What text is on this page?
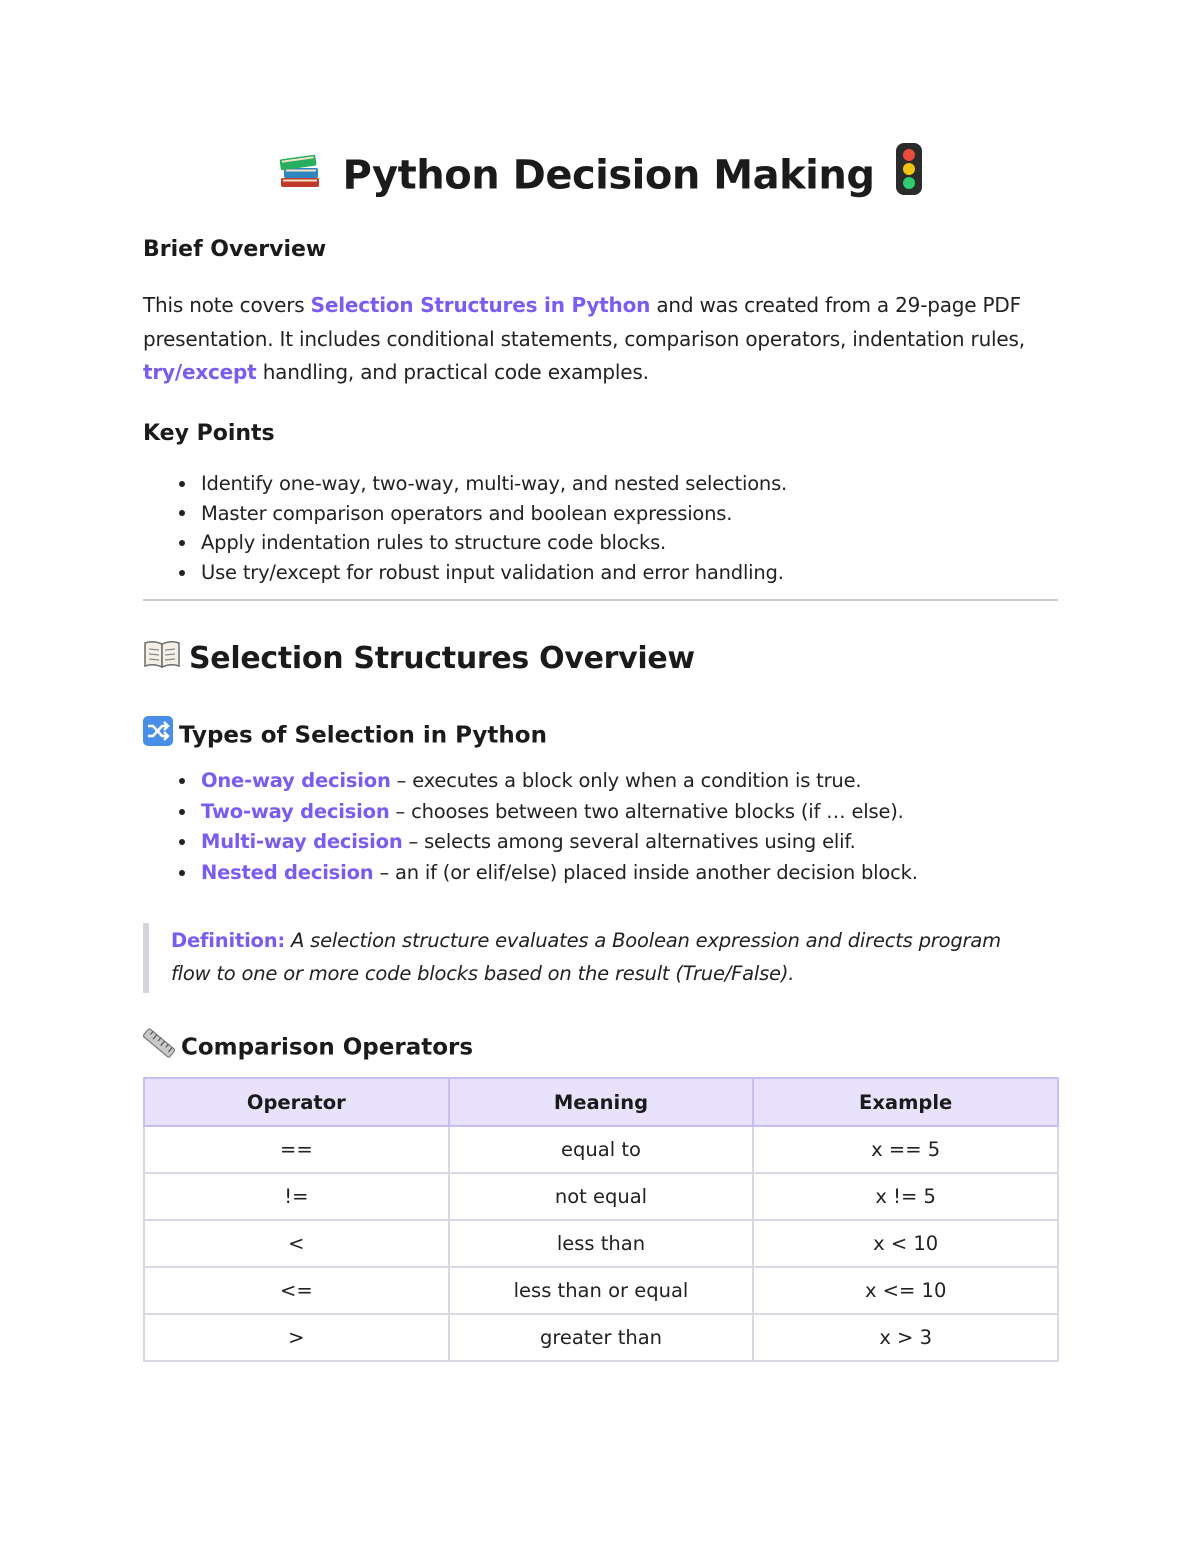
Python Decision Making
Brief Overview
This note covers Selection Structures in Python and was created from a 29-page PDF
presentation. It includes conditional statements, comparison operators, indentation rules,
try/except handling, and practical code examples.
Key Points
Identify one-way, two-way, multi-way, and nested selections.
Master comparison operators and boolean expressions.
Apply indentation rules to structure code blocks.
Use try/except for robust input validation and error handling.
Selection Structures Overview
Types of Selection in Python
One-way decision – executes a block only when a condition is true.
Two-way decision – chooses between two alternative blocks (if … else).
Multi-way decision – selects among several alternatives using elif.
Nested decision – an if (or elif/else) placed inside another decision block.
Definition: A selection structure evaluates a Boolean expression and directs program
flow to one or more code blocks based on the result (True/False).
Comparison Operators
Operator	Meaning	Example
==	equal to	x == 5
!=	not equal	x != 5
<	less than	x < 10
<=	less than or equal	x <= 10
>	greater than	x > 3
